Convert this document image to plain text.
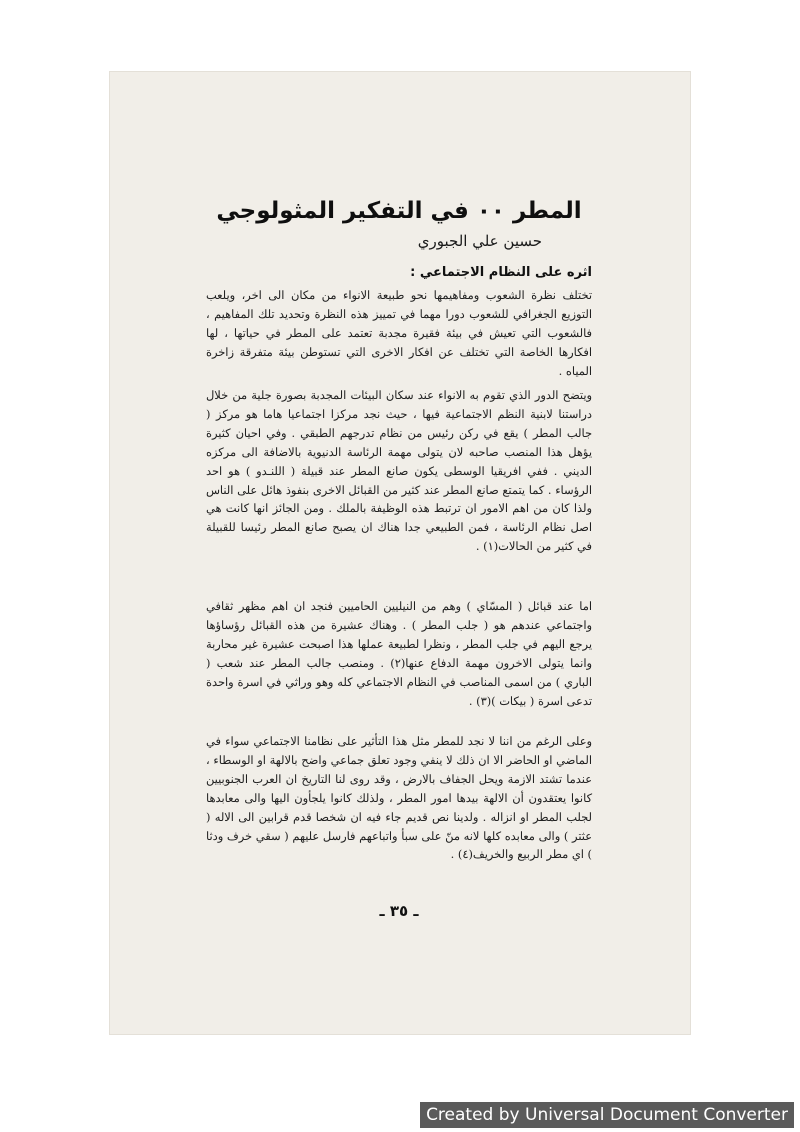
المطر ٠٠ في التفكير المثولوجي

حسين علي الجبوري

اثره على النظام الاجتماعي :

تختلف نظرة الشعوب ومفاهيمها نحو طبيعة الانواء من مكان الى اخر، ويلعب التوزيع الجغرافي للشعوب دورا مهما في تمييز هذه النظرة وتحديد تلك المفاهيم ، فالشعوب التي تعيش في بيئة فقيرة مجدبة تعتمد على المطر في حياتها ، لها افكارها الخاصة التي تختلف عن افكار الاخرى التي تستوطن بيئة متفرقة زاخرة المياه .

ويتضح الدور الذي تقوم به الانواء عند سكان البيئات المجدبة بصورة جلية من خلال دراستنا لابنية النظم الاجتماعية فيها ، حيث نجد مركزا اجتماعيا هاما هو مركز ( جالب المطر ) يقع في ركن رئيس من نظام تدرجهم الطبقي . وفي احيان كثيرة يؤهل هذا المنصب صاحبه لان يتولى مهمة الرئاسة الدنيوية بالاضافة الى مركزه الديني . ففي افريقيا الوسطى يكون صانع المطر عند قبيلة ( اللنـدو ) هو احد الرؤساء . كما يتمتع صانع المطر عند كثير من القبائل الاخرى بنفوذ هائل على الناس ولذا كان من اهم الامور ان ترتبط هذه الوظيفة بالملك . ومن الجائز انها كانت هي اصل نظام الرئاسة ، فمن الطبيعي جدا هناك ان يصبح صانع المطر رئيسا للقبيلة في كثير من الحالات(١) .

اما عند قبائل ( المسّاي ) وهم من النيليين الحاميين فنجد ان اهم مظهر ثقافي واجتماعي عندهم هو ( جلب المطر ) . وهناك عشيرة من هذه القبائل رؤساؤها يرجع اليهم في جلب المطر ، ونظرا لطبيعة عملها هذا اصبحت عشيرة غير محاربة وانما يتولى الاخرون مهمة الدفاع عنها(٢) . ومنصب جالب المطر عند شعب ( الباري ) من اسمى المناصب في النظام الاجتماعي كله وهو وراثي في اسرة واحدة تدعى اسرة ( بيكات )(٣) .

وعلى الرغم من اننا لا نجد للمطر مثل هذا التأثير على نظامنا الاجتماعي سواء في الماضي او الحاضر الا ان ذلك لا ينفي وجود تعلق جماعي واضح بالالهة او الوسطاء ، عندما تشتد الازمة ويحل الجفاف بالارض ، وقد روى لنا التاريخ ان العرب الجنوبيين كانوا يعتقدون أن الالهة بيدها امور المطر ، ولذلك كانوا يلجأون اليها والى معابدها لجلب المطر او انزاله . ولدينا نص قديم جاء فيه ان شخصا قدم قرابين الى الاله ( عثتر ) والى معابده كلها لانه منّ على سبأ واتباعهم فارسل عليهم ( سقي خرف ودثا ) اي مطر الربيع والخريف(٤) .

ـ ٣٥ ـ

Created by Universal Document Converter
